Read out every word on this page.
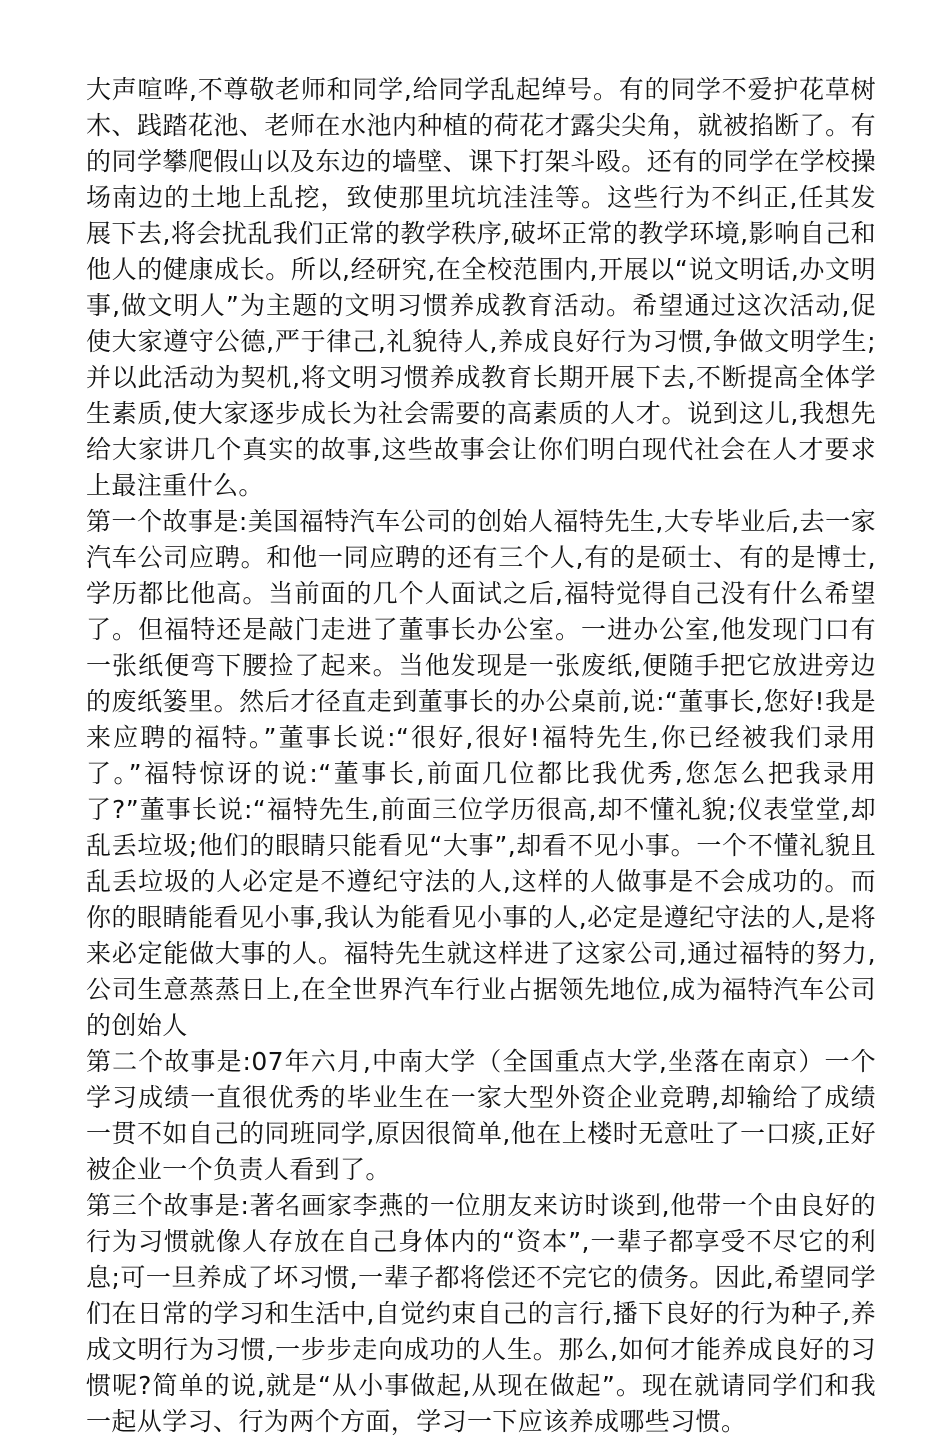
大声喧哗,不尊敬老师和同学,给同学乱起绰号。有的同学不爱护花草树木、践踏花池、老师在水池内种植的荷花才露尖尖角，就被掐断了。有的同学攀爬假山以及东边的墙壁、课下打架斗殴。还有的同学在学校操场南边的土地上乱挖，致使那里坑坑洼洼等。这些行为不纠正,任其发展下去,将会扰乱我们正常的教学秩序,破坏正常的教学环境,影响自己和他人的健康成长。所以,经研究,在全校范围内,开展以“说文明话,办文明事,做文明人”为主题的文明习惯养成教育活动。希望通过这次活动,促使大家遵守公德,严于律己,礼貌待人,养成良好行为习惯,争做文明学生;并以此活动为契机,将文明习惯养成教育长期开展下去,不断提高全体学生素质,使大家逐步成长为社会需要的高素质的人才。说到这儿,我想先给大家讲几个真实的故事,这些故事会让你们明白现代社会在人才要求上最注重什么。

第一个故事是:美国福特汽车公司的创始人福特先生,大专毕业后,去一家汽车公司应聘。和他一同应聘的还有三个人,有的是硕士、有的是博士,学历都比他高。当前面的几个人面试之后,福特觉得自己没有什么希望了。但福特还是敲门走进了董事长办公室。一进办公室,他发现门口有一张纸便弯下腰捡了起来。当他发现是一张废纸,便随手把它放进旁边的废纸篓里。然后才径直走到董事长的办公桌前,说:“董事长,您好!我是来应聘的福特。”董事长说:“很好,很好!福特先生,你已经被我们录用了。”福特惊讶的说:“董事长,前面几位都比我优秀,您怎么把我录用了?”董事长说:“福特先生,前面三位学历很高,却不懂礼貌;仪表堂堂,却乱丢垃圾;他们的眼睛只能看见“大事”,却看不见小事。一个不懂礼貌且乱丢垃圾的人必定是不遵纪守法的人,这样的人做事是不会成功的。而你的眼睛能看见小事,我认为能看见小事的人,必定是遵纪守法的人,是将来必定能做大事的人。福特先生就这样进了这家公司,通过福特的努力,公司生意蒸蒸日上,在全世界汽车行业占据领先地位,成为福特汽车公司的创始人

第二个故事是:07年六月,中南大学（全国重点大学,坐落在南京）一个学习成绩一直很优秀的毕业生在一家大型外资企业竞聘,却输给了成绩一贯不如自己的同班同学,原因很简单,他在上楼时无意吐了一口痰,正好被企业一个负责人看到了。

第三个故事是:著名画家李燕的一位朋友来访时谈到,他带一个由良好的行为习惯就像人存放在自己身体内的“资本”,一辈子都享受不尽它的利息;可一旦养成了坏习惯,一辈子都将偿还不完它的债务。因此,希望同学们在日常的学习和生活中,自觉约束自己的言行,播下良好的行为种子,养成文明行为习惯,一步步走向成功的人生。那么,如何才能养成良好的习惯呢?简单的说,就是“从小事做起,从现在做起”。现在就请同学们和我一起从学习、行为两个方面，学习一下应该养成哪些习惯。
